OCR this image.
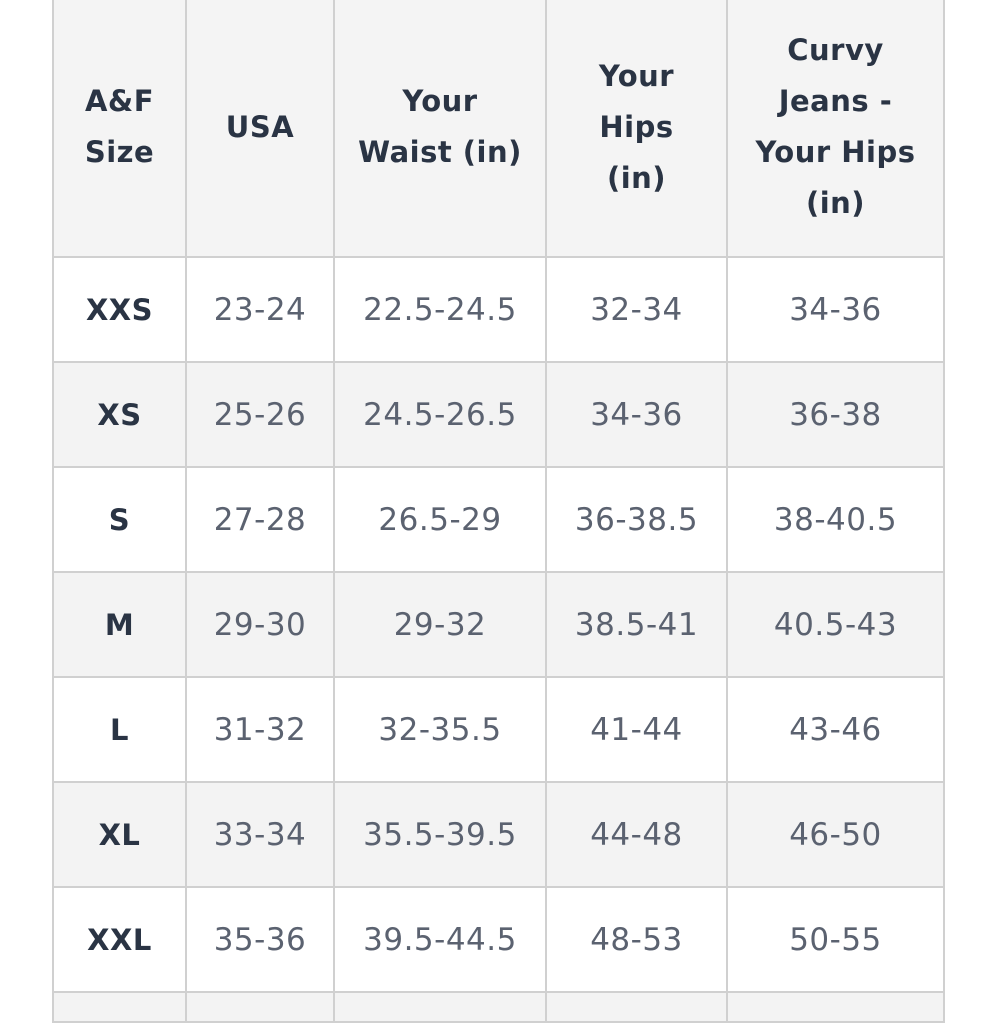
A&F Size	USA	Your Waist (in)	Your Hips (in)	Curvy Jeans - Your Hips (in)
XXS	23-24	22.5-24.5	32-34	34-36
XS	25-26	24.5-26.5	34-36	36-38
S	27-28	26.5-29	36-38.5	38-40.5
M	29-30	29-32	38.5-41	40.5-43
L	31-32	32-35.5	41-44	43-46
XL	33-34	35.5-39.5	44-48	46-50
XXL	35-36	39.5-44.5	48-53	50-55
